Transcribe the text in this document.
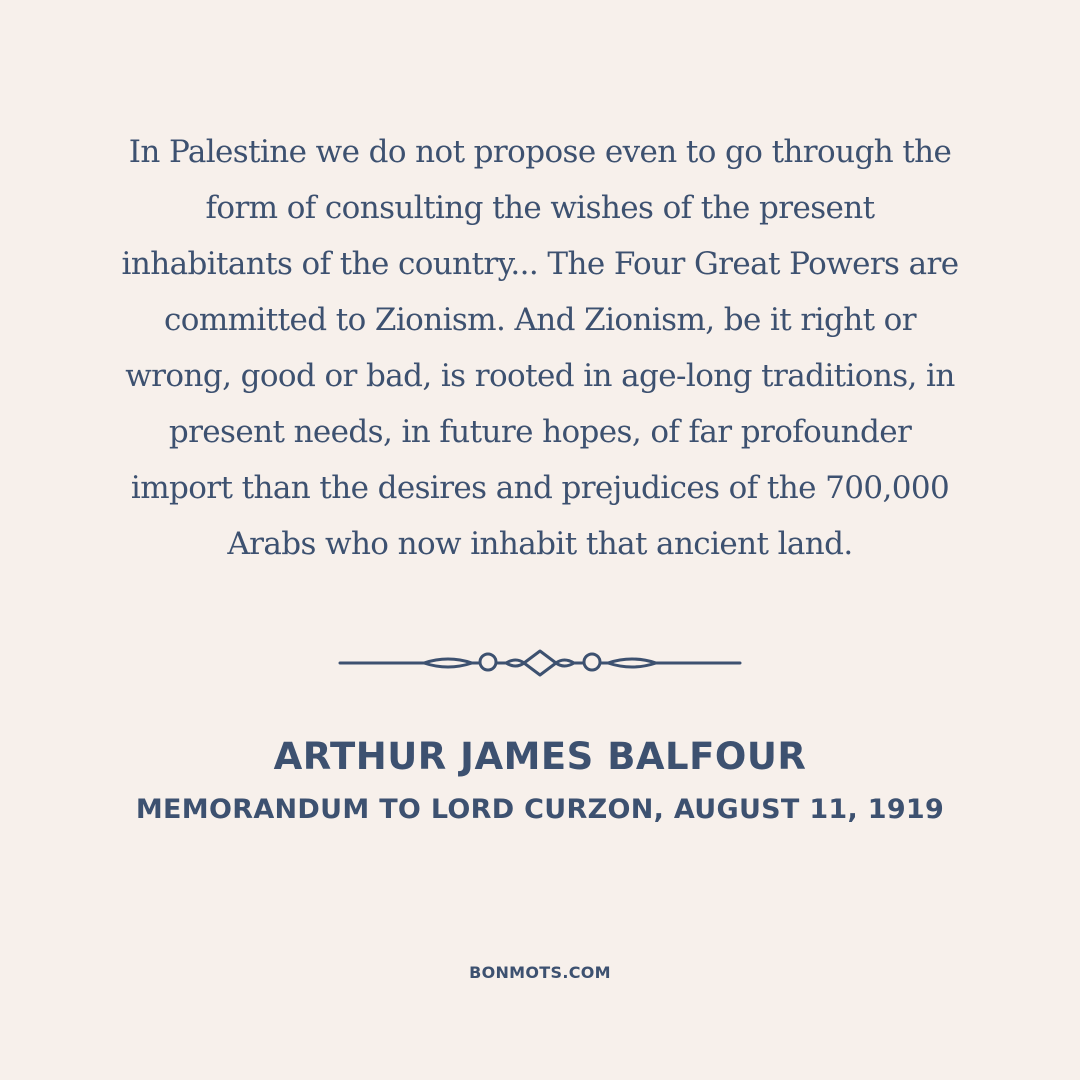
In Palestine we do not propose even to go through the
form of consulting the wishes of the present
inhabitants of the country... The Four Great Powers are
committed to Zionism. And Zionism, be it right or
wrong, good or bad, is rooted in age-long traditions, in
present needs, in future hopes, of far profounder
import than the desires and prejudices of the 700,000
Arabs who now inhabit that ancient land.

ARTHUR JAMES BALFOUR
MEMORANDUM TO LORD CURZON, AUGUST 11, 1919
BONMOTS.COM
